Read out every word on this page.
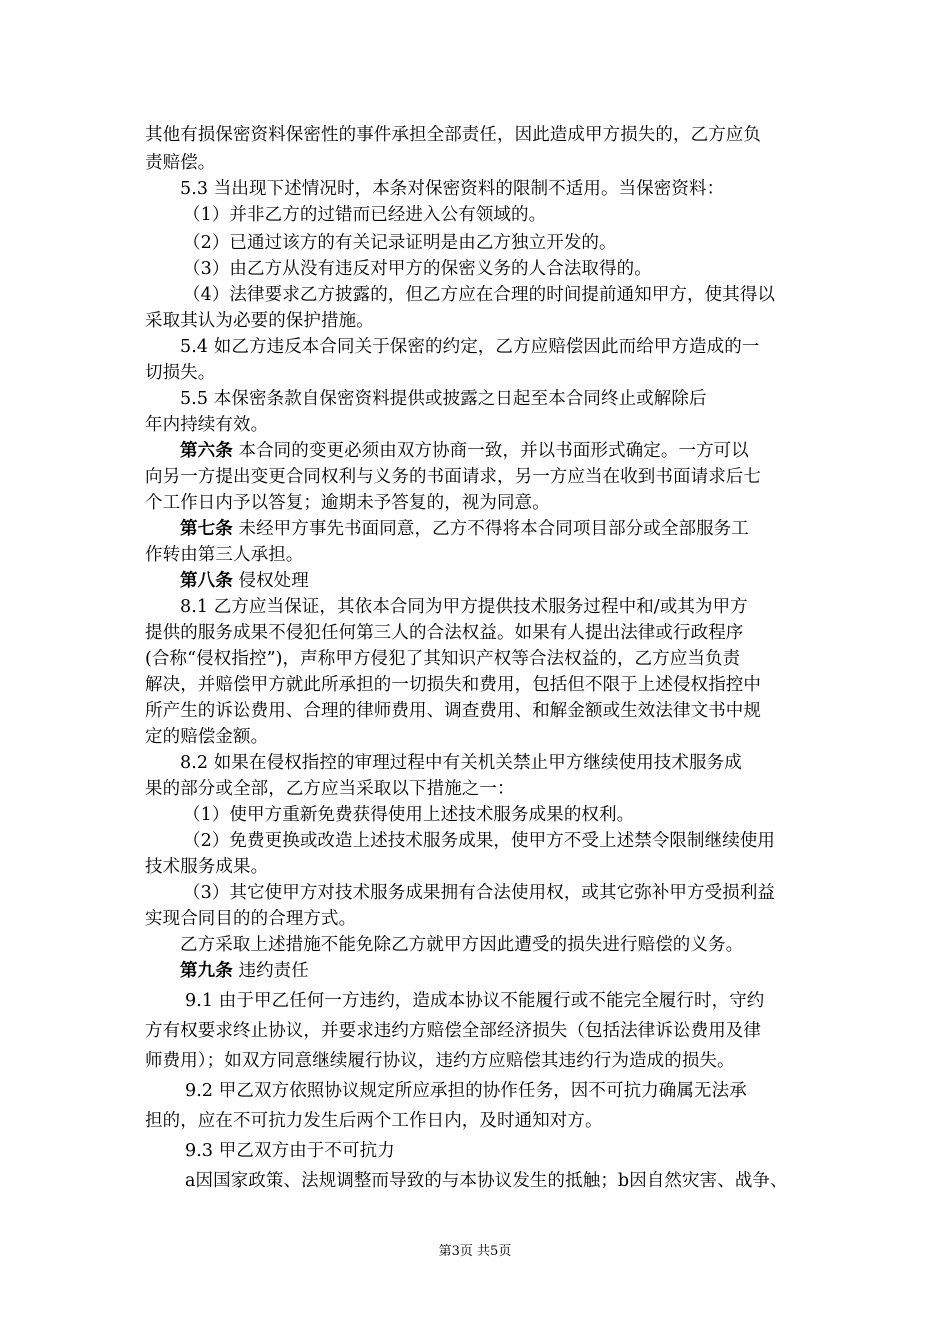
其他有损保密资料保密性的事件承担全部责任，因此造成甲方损失的，乙方应负
责赔偿。
5.3 当出现下述情况时，本条对保密资料的限制不适用。当保密资料：
（1）并非乙方的过错而已经进入公有领域的。
（2）已通过该方的有关记录证明是由乙方独立开发的。
（3）由乙方从没有违反对甲方的保密义务的人合法取得的。
（4）法律要求乙方披露的，但乙方应在合理的时间提前通知甲方，使其得以
采取其认为必要的保护措施。
5.4 如乙方违反本合同关于保密的约定，乙方应赔偿因此而给甲方造成的一
切损失。
5.5 本保密条款自保密资料提供或披露之日起至本合同终止或解除后
年内持续有效。
第六条 本合同的变更必须由双方协商一致，并以书面形式确定。一方可以
向另一方提出变更合同权利与义务的书面请求，另一方应当在收到书面请求后七
个工作日内予以答复；逾期未予答复的，视为同意。
第七条 未经甲方事先书面同意，乙方不得将本合同项目部分或全部服务工
作转由第三人承担。
第八条 侵权处理
8.1 乙方应当保证，其依本合同为甲方提供技术服务过程中和/或其为甲方
提供的服务成果不侵犯任何第三人的合法权益。如果有人提出法律或行政程序
(合称“侵权指控”)，声称甲方侵犯了其知识产权等合法权益的，乙方应当负责
解决，并赔偿甲方就此所承担的一切损失和费用，包括但不限于上述侵权指控中
所产生的诉讼费用、合理的律师费用、调查费用、和解金额或生效法律文书中规
定的赔偿金额。
8.2 如果在侵权指控的审理过程中有关机关禁止甲方继续使用技术服务成
果的部分或全部，乙方应当采取以下措施之一：
（1）使甲方重新免费获得使用上述技术服务成果的权利。
（2）免费更换或改造上述技术服务成果，使甲方不受上述禁令限制继续使用
技术服务成果。
（3）其它使甲方对技术服务成果拥有合法使用权，或其它弥补甲方受损利益
实现合同目的的合理方式。
乙方采取上述措施不能免除乙方就甲方因此遭受的损失进行赔偿的义务。
第九条 违约责任
9.1 由于甲乙任何一方违约，造成本协议不能履行或不能完全履行时，守约
方有权要求终止协议，并要求违约方赔偿全部经济损失（包括法律诉讼费用及律
师费用）；如双方同意继续履行协议，违约方应赔偿其违约行为造成的损失。
9.2 甲乙双方依照协议规定所应承担的协作任务，因不可抗力确属无法承
担的，应在不可抗力发生后两个工作日内，及时通知对方。
9.3 甲乙双方由于不可抗力
a因国家政策、法规调整而导致的与本协议发生的抵触；b因自然灾害、战争、
第3页 共5页
